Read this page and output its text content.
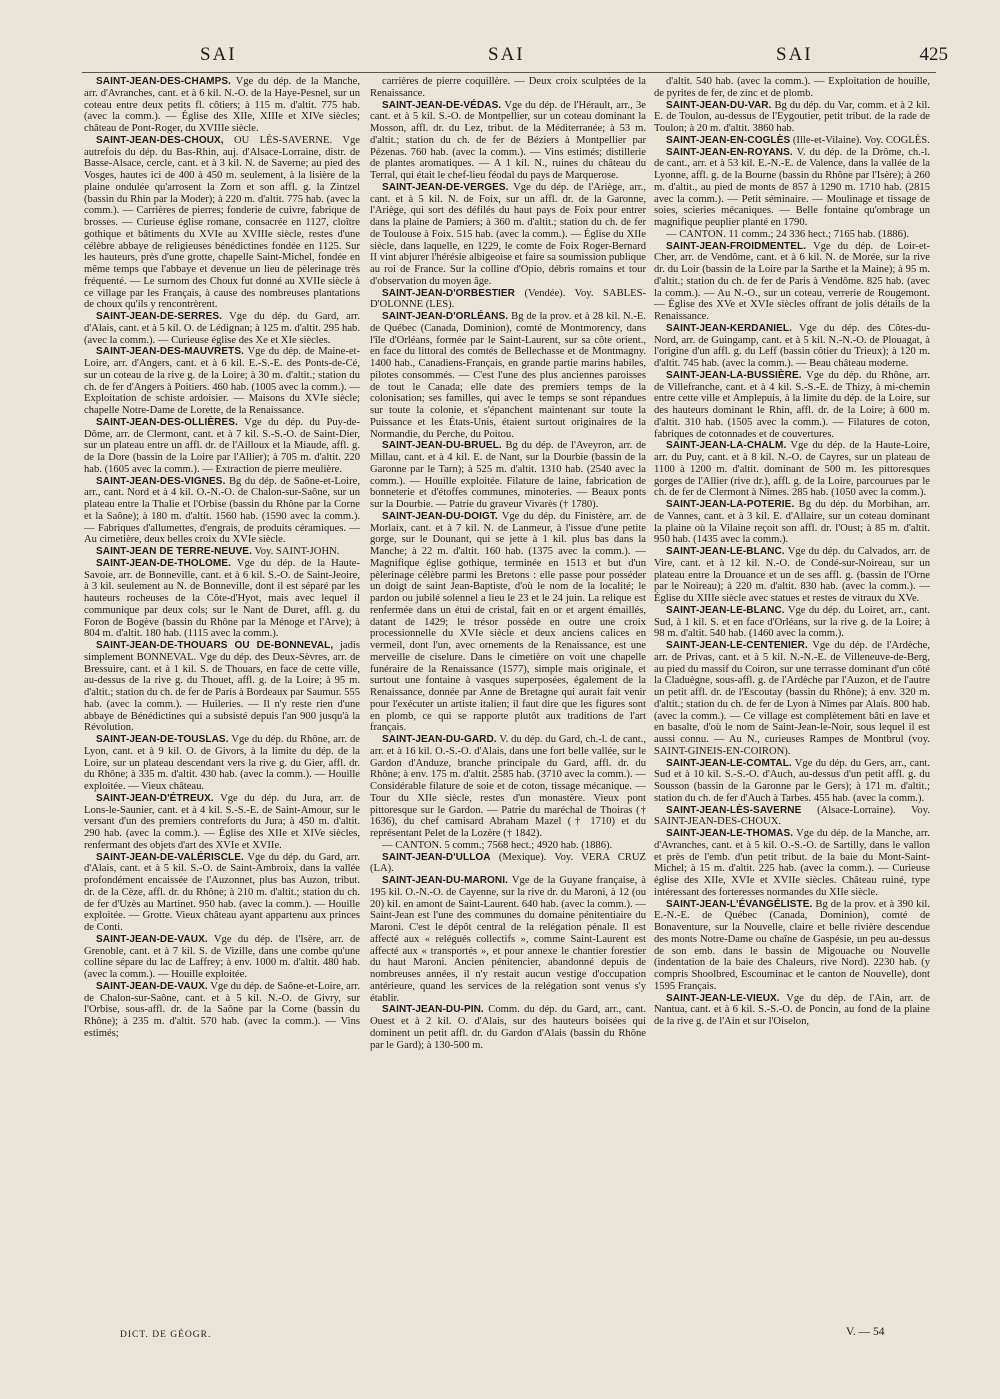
SAI	SAI	SAI	425

SAINT-JEAN-DES-CHAMPS. Vge du dép. de la Manche, arr. d'Avranches, cant. et à 6 kil. N.-O. de la Haye-Pesnel, sur un coteau entre deux petits fl. côtiers; à 115 m. d'altit. 775 hab. (avec la comm.). — Église des XIIe, XIIIe et XIVe siècles; château de Pont-Roger, du XVIIIe siècle.

SAINT-JEAN-DES-CHOUX, OU LÈS-SAVERNE. Vge autrefois du dép. du Bas-Rhin, auj. d'Alsace-Lorraine, distr. de Basse-Alsace, cercle, cant. et à 3 kil. N. de Saverne; au pied des Vosges, hautes ici de 400 à 450 m. seulement, à la lisière de la plaine ondulée qu'arrosent la Zorn et son affl. g. la Zintzel (bassin du Rhin par la Moder); à 220 m. d'altit. 775 hab. (avec la comm.). — Carrières de pierres; fonderie de cuivre, fabrique de brosses. — Curieuse église romane, consacrée en 1127, cloître gothique et bâtiments du XVIe au XVIIIe siècle, restes d'une célèbre abbaye de religieuses bénédictines fondée en 1125. Sur les hauteurs, près d'une grotte, chapelle Saint-Michel, fondée en même temps que l'abbaye et devenue un lieu de pèlerinage très fréquenté. — Le surnom des Choux fut donné au XVIIe siècle à ce village par les Français, à cause des nombreuses plantations de choux qu'ils y rencontrèrent.

SAINT-JEAN-DE-SERRES. Vge du dép. du Gard, arr. d'Alais, cant. et à 5 kil. O. de Lédignan; à 125 m. d'altit. 295 hab. (avec la comm.). — Curieuse église des Xe et XIe siècles.

SAINT-JEAN-DES-MAUVRETS. Vge du dép. de Maine-et-Loire, arr. d'Angers, cant. et à 6 kil. E.-S.-E. des Ponts-de-Cé, sur un coteau de la rive g. de la Loire; à 30 m. d'altit.; station du ch. de fer d'Angers à Poitiers. 460 hab. (1005 avec la comm.). — Exploitation de schiste ardoisier. — Maisons du XVIe siècle; chapelle Notre-Dame de Lorette, de la Renaissance.

SAINT-JEAN-DES-OLLIÈRES. Vge du dép. du Puy-de-Dôme, arr. de Clermont, cant. et à 7 kil. S.-S.-O. de Saint-Dier, sur un plateau entre un affl. dr. de l'Ailloux et la Miaude, affl. g. de la Dore (bassin de la Loire par l'Allier); à 705 m. d'altit. 220 hab. (1605 avec la comm.). — Extraction de pierre meulière.

SAINT-JEAN-DES-VIGNES. Bg du dép. de Saône-et-Loire, arr., cant. Nord et à 4 kil. O.-N.-O. de Chalon-sur-Saône, sur un plateau entre la Thalie et l'Orbise (bassin du Rhône par la Corne et la Saône); à 180 m. d'altit. 1560 hab. (1590 avec la comm.). — Fabriques d'allumettes, d'engrais, de produits céramiques. — Au cimetière, deux belles croix du XVIe siècle.

SAINT-JEAN DE TERRE-NEUVE. Voy. SAINT-JOHN.

SAINT-JEAN-DE-THOLOME. Vge du dép. de la Haute-Savoie, arr. de Bonneville, cant. et à 6 kil. S.-O. de Saint-Jeoire, à 3 kil. seulement au N. de Bonneville, dont il est séparé par les hauteurs rocheuses de la Côte-d'Hyot, mais avec lequel il communique par deux cols; sur le Nant de Duret, affl. g. du Foron de Bogève (bassin du Rhône par la Ménoge et l'Arve); à 804 m. d'altit. 180 hab. (1115 avec la comm.).

SAINT-JEAN-DE-THOUARS OU DE-BONNEVAL, jadis simplement BONNEVAL. Vge du dép. des Deux-Sèvres, arr. de Bressuire, cant. et à 1 kil. S. de Thouars, en face de cette ville, au-dessus de la rive g. du Thouet, affl. g. de la Loire; à 95 m. d'altit.; station du ch. de fer de Paris à Bordeaux par Saumur. 555 hab. (avec la comm.). — Huileries. — Il n'y reste rien d'une abbaye de Bénédictines qui a subsisté depuis l'an 900 jusqu'à la Révolution.

SAINT-JEAN-DE-TOUSLAS. Vge du dép. du Rhône, arr. de Lyon, cant. et à 9 kil. O. de Givors, à la limite du dép. de la Loire, sur un plateau descendant vers la rive g. du Gier, affl. dr. du Rhône; à 335 m. d'altit. 430 hab. (avec la comm.). — Houille exploitée. — Vieux château.

SAINT-JEAN-D'ÉTREUX. Vge du dép. du Jura, arr. de Lons-le-Saunier, cant. et à 4 kil. S.-S.-E. de Saint-Amour, sur le versant d'un des premiers contreforts du Jura; à 450 m. d'altit. 290 hab. (avec la comm.). — Église des XIIe et XIVe siècles, renfermant des objets d'art des XVIe et XVIIe.

SAINT-JEAN-DE-VALÉRISCLE. Vge du dép. du Gard, arr. d'Alais, cant. et à 5 kil. S.-O. de Saint-Ambroix, dans la vallée profondément encaissée de l'Auzonnet, plus bas Auzon, tribut. dr. de la Cèze, affl. dr. du Rhône; à 210 m. d'altit.; station du ch. de fer d'Uzès au Martinet. 950 hab. (avec la comm.). — Houille exploitée. — Grotte. Vieux château ayant appartenu aux princes de Conti.

SAINT-JEAN-DE-VAUX. Vge du dép. de l'Isère, arr. de Grenoble, cant. et à 7 kil. S. de Vizille, dans une combe qu'une colline sépare du lac de Laffrey; à env. 1000 m. d'altit. 480 hab. (avec la comm.). — Houille exploitée.

SAINT-JEAN-DE-VAUX. Vge du dép. de Saône-et-Loire, arr. de Chalon-sur-Saône, cant. et à 5 kil. N.-O. de Givry, sur l'Orbise, sous-affl. dr. de la Saône par la Corne (bassin du Rhône); à 235 m. d'altit. 570 hab. (avec la comm.). — Vins estimés;

carrières de pierre coquillère. — Deux croix sculptées de la Renaissance.

SAINT-JEAN-DE-VÉDAS. Vge du dép. de l'Hérault, arr., 3e cant. et à 5 kil. S.-O. de Montpellier, sur un coteau dominant la Mosson, affl. dr. du Lez, tribut. de la Méditerranée; à 53 m. d'altit.; station du ch. de fer de Béziers à Montpellier par Pézenas. 760 hab. (avec la comm.). — Vins estimés; distillerie de plantes aromatiques. — A 1 kil. N., ruines du château du Terral, qui était le chef-lieu féodal du pays de Marquerose.

SAINT-JEAN-DE-VERGES. Vge du dép. de l'Ariège, arr., cant. et à 5 kil. N. de Foix, sur un affl. dr. de la Garonne, l'Ariège, qui sort des défilés du haut pays de Foix pour entrer dans la plaine de Pamiers; à 360 m. d'altit.; station du ch. de fer de Toulouse à Foix. 515 hab. (avec la comm.). — Église du XIIe siècle, dans laquelle, en 1229, le comte de Foix Roger-Bernard II vint abjurer l'hérésie albigeoise et faire sa soumission publique au roi de France. Sur la colline d'Opio, débris romains et tour d'observation du moyen âge.

SAINT-JEAN-D'ORBESTIER (Vendée). Voy. SABLES-D'OLONNE (LES).

SAINT-JEAN-D'ORLÉANS. Bg de la prov. et à 28 kil. N.-E. de Québec (Canada, Dominion), comté de Montmorency, dans l'île d'Orléans, formée par le Saint-Laurent, sur sa côte orient., en face du littoral des comtés de Bellechasse et de Montmagny. 1400 hab., Canadiens-Français, en grande partie marins habiles, pilotes consommés. — C'est l'une des plus anciennes paroisses de tout le Canada; elle date des premiers temps de la colonisation; ses familles, qui avec le temps se sont répandues sur toute la colonie, et s'épanchent maintenant sur toute la Puissance et les États-Unis, étaient surtout originaires de la Normandie, du Perche, du Poitou.

SAINT-JEAN-DU-BRUEL. Bg du dép. de l'Aveyron, arr. de Millau, cant. et à 4 kil. E. de Nant, sur la Dourbie (bassin de la Garonne par le Tarn); à 525 m. d'altit. 1310 hab. (2540 avec la comm.). — Houille exploitée. Filature de laine, fabrication de bonneterie et d'étoffes communes, minoteries. — Beaux ponts sur la Dourbie. — Patrie du graveur Vivarès († 1780).

SAINT-JEAN-DU-DOIGT. Vge du dép. du Finistère, arr. de Morlaix, cant. et à 7 kil. N. de Lanmeur, à l'issue d'une petite gorge, sur le Dounant, qui se jette à 1 kil. plus bas dans la Manche; à 22 m. d'altit. 160 hab. (1375 avec la comm.). — Magnifique église gothique, terminée en 1513 et but d'un pèlerinage célèbre parmi les Bretons : elle passe pour posséder un doigt de saint Jean-Baptiste, d'où le nom de la localité; le pardon ou jubilé solennel a lieu le 23 et le 24 juin. La relique est renfermée dans un étui de cristal, fait en or et argent émaillés, datant de 1429; le trésor possède en outre une croix processionnelle du XVIe siècle et deux anciens calices en vermeil, dont l'un, avec ornements de la Renaissance, est une merveille de ciselure. Dans le cimetière on voit une chapelle funéraire de la Renaissance (1577), simple mais originale, et surtout une fontaine à vasques superposées, également de la Renaissance, donnée par Anne de Bretagne qui aurait fait venir pour l'exécuter un artiste italien; il faut dire que les figures sont en plomb, ce qui se rapporte plutôt aux traditions de l'art français.

SAINT-JEAN-DU-GARD. V. du dép. du Gard, ch.-l. de cant., arr. et à 16 kil. O.-S.-O. d'Alais, dans une fort belle vallée, sur le Gardon d'Anduze, branche principale du Gard, affl. dr. du Rhône; à env. 175 m. d'altit. 2585 hab. (3710 avec la comm.). — Considérable filature de soie et de coton, tissage mécanique. — Tour du XIIe siècle, restes d'un monastère. Vieux pont pittoresque sur le Gardon. — Patrie du maréchal de Thoiras († 1636), du chef camisard Abraham Mazel († 1710) et du représentant Pelet de la Lozère († 1842).

— CANTON. 5 comm.; 7568 hect.; 4920 hab. (1886).

SAINT-JEAN-D'ULLOA (Mexique). Voy. VERA CRUZ (LA).

SAINT-JEAN-DU-MARONI. Vge de la Guyane française, à 195 kil. O.-N.-O. de Cayenne, sur la rive dr. du Maroni, à 12 (ou 20) kil. en amont de Saint-Laurent. 640 hab. (avec la comm.). — Saint-Jean est l'une des communes du domaine pénitentiaire du Maroni. C'est le dépôt central de la relégation pénale. Il est affecté aux « relégués collectifs », comme Saint-Laurent est affecté aux « transportés », et pour annexe le chantier forestier du haut Maroni. Ancien pénitencier, abandonné depuis de nombreuses années, il n'y restait aucun vestige d'occupation antérieure, quand les services de la relégation sont venus s'y établir.

SAINT-JEAN-DU-PIN. Comm. du dép. du Gard, arr., cant. Ouest et à 2 kil. O. d'Alais, sur des hauteurs boisées qui dominent un petit affl. dr. du Gardon d'Alais (bassin du Rhône par le Gard); à 130-500 m.

d'altit. 540 hab. (avec la comm.). — Exploitation de houille, de pyrites de fer, de zinc et de plomb.

SAINT-JEAN-DU-VAR. Bg du dép. du Var, comm. et à 2 kil. E. de Toulon, au-dessus de l'Eygoutier, petit tribut. de la rade de Toulon; à 20 m. d'altit. 3860 hab.

SAINT-JEAN-EN-COGLÈS (Ille-et-Vilaine). Voy. COGLÈS.

SAINT-JEAN-EN-ROYANS. V. du dép. de la Drôme, ch.-l. de cant., arr. et à 53 kil. E.-N.-E. de Valence, dans la vallée de la Lyonne, affl. g. de la Bourne (bassin du Rhône par l'Isère); à 260 m. d'altit., au pied de monts de 857 à 1290 m. 1710 hab. (2815 avec la comm.). — Petit séminaire. — Moulinage et tissage de soies, scieries mécaniques. — Belle fontaine qu'ombrage un magnifique peuplier planté en 1790.

— CANTON. 11 comm.; 24 336 hect.; 7165 hab. (1886).

SAINT-JEAN-FROIDMENTEL. Vge du dép. de Loir-et-Cher, arr. de Vendôme, cant. et à 6 kil. N. de Morée, sur la rive dr. du Loir (bassin de la Loire par la Sarthe et la Maine); à 95 m. d'altit.; station du ch. de fer de Paris à Vendôme. 825 hab. (avec la comm.). — Au N.-O., sur un coteau, verrerie de Rougemont. — Église des XVe et XVIe siècles offrant de jolis détails de la Renaissance.

SAINT-JEAN-KERDANIEL. Vge du dép. des Côtes-du-Nord, arr. de Guingamp, cant. et à 5 kil. N.-N.-O. de Plouagat, à l'origine d'un affl. g. du Leff (bassin côtier du Trieux); à 120 m. d'altit. 745 hab. (avec la comm.). — Beau château moderne.

SAINT-JEAN-LA-BUSSIÈRE. Vge du dép. du Rhône, arr. de Villefranche, cant. et à 4 kil. S.-S.-E. de Thizy, à mi-chemin entre cette ville et Amplepuis, à la limite du dép. de la Loire, sur des hauteurs dominant le Rhin, affl. dr. de la Loire; à 600 m. d'altit. 310 hab. (1505 avec la comm.). — Filatures de coton, fabriques de cotonnades et de couvertures.

SAINT-JEAN-LA-CHALM. Vge du dép. de la Haute-Loire, arr. du Puy, cant. et à 8 kil. N.-O. de Cayres, sur un plateau de 1100 à 1200 m. d'altit. dominant de 500 m. les pittoresques gorges de l'Allier (rive dr.), affl. g. de la Loire, parcourues par le ch. de fer de Clermont à Nîmes. 285 hab. (1050 avec la comm.).

SAINT-JEAN-LA-POTERIE. Bg du dép. du Morbihan, arr. de Vannes, cant. et à 3 kil. E. d'Allaire, sur un coteau dominant la plaine où la Vilaine reçoit son affl. dr. l'Oust; à 85 m. d'altit. 950 hab. (1435 avec la comm.).

SAINT-JEAN-LE-BLANC. Vge du dép. du Calvados, arr. de Vire, cant. et à 12 kil. N.-O. de Condé-sur-Noireau, sur un plateau entre la Drouance et un de ses affl. g. (bassin de l'Orne par le Noireau); à 220 m. d'altit. 830 hab. (avec la comm.). — Église du XIIIe siècle avec statues et restes de vitraux du XVe.

SAINT-JEAN-LE-BLANC. Vge du dép. du Loiret, arr., cant. Sud, à 1 kil. S. et en face d'Orléans, sur la rive g. de la Loire; à 98 m. d'altit. 540 hab. (1460 avec la comm.).

SAINT-JEAN-LE-CENTENIER. Vge du dép. de l'Ardèche, arr. de Privas, cant. et à 5 kil. N.-N.-E. de Villeneuve-de-Berg, au pied du massif du Coiron, sur une terrasse dominant d'un côté la Claduègne, sous-affl. g. de l'Ardèche par l'Auzon, et de l'autre un petit affl. dr. de l'Escoutay (bassin du Rhône); à env. 320 m. d'altit.; station du ch. de fer de Lyon à Nîmes par Alais. 800 hab. (avec la comm.). — Ce village est complètement bâti en lave et en basalte, d'où le nom de Saint-Jean-le-Noir, sous lequel il est aussi connu. — Au N., curieuses Rampes de Montbrul (voy. SAINT-GINEIS-EN-COIRON).

SAINT-JEAN-LE-COMTAL. Vge du dép. du Gers, arr., cant. Sud et à 10 kil. S.-S.-O. d'Auch, au-dessus d'un petit affl. g. du Sousson (bassin de la Garonne par le Gers); à 171 m. d'altit.; station du ch. de fer d'Auch à Tarbes. 455 hab. (avec la comm.).

SAINT-JEAN-LÈS-SAVERNE (Alsace-Lorraine). Voy. SAINT-JEAN-DES-CHOUX.

SAINT-JEAN-LE-THOMAS. Vge du dép. de la Manche, arr. d'Avranches, cant. et à 5 kil. O.-S.-O. de Sartilly, dans le vallon et près de l'emb. d'un petit tribut. de la baie du Mont-Saint-Michel; à 15 m. d'altit. 225 hab. (avec la comm.). — Curieuse église des XIIe, XVIe et XVIIe siècles. Château ruiné, type intéressant des forteresses normandes du XIIe siècle.

SAINT-JEAN-L'ÉVANGÉLISTE. Bg de la prov. et à 390 kil. E.-N.-E. de Québec (Canada, Dominion), comté de Bonaventure, sur la Nouvelle, claire et belle rivière descendue des monts Notre-Dame ou chaîne de Gaspésie, un peu au-dessus de son emb. dans le bassin de Migouache ou Nouvelle (indentation de la baie des Chaleurs, rive Nord). 2230 hab. (y compris Shoolbred, Escouminac et le canton de Nouvelle), dont 1595 Français.

SAINT-JEAN-LE-VIEUX. Vge du dép. de l'Ain, arr. de Nantua, cant. et à 6 kil. S.-S.-O. de Poncin, au fond de la plaine de la rive g. de l'Ain et sur l'Oiselon,

DICT. DE GÉOGR.	V. — 54
